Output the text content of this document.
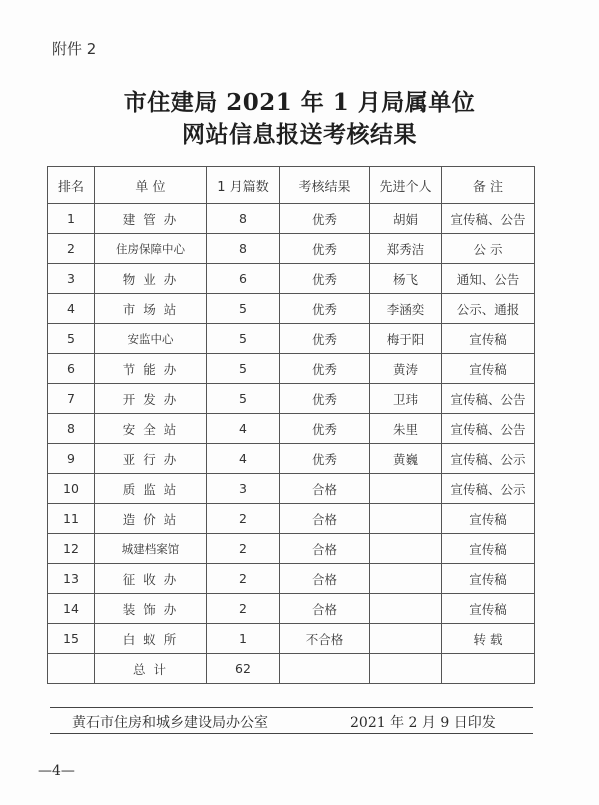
附件 2
市住建局 2021 年 1 月局属单位
网站信息报送考核结果
排名	单 位	1 月篇数	考核结果	先进个人	备 注
1	建 管 办	8	优秀	胡娟	宣传稿、公告
2	住房保障中心	8	优秀	郑秀洁	公 示
3	物 业 办	6	优秀	杨飞	通知、公告
4	市 场 站	5	优秀	李涵奕	公示、通报
5	安监中心	5	优秀	梅于阳	宣传稿
6	节 能 办	5	优秀	黄涛	宣传稿
7	开 发 办	5	优秀	卫玮	宣传稿、公告
8	安 全 站	4	优秀	朱里	宣传稿、公告
9	亚 行 办	4	优秀	黄巍	宣传稿、公示
10	质 监 站	3	合格		宣传稿、公示
11	造 价 站	2	合格		宣传稿
12	城建档案馆	2	合格		宣传稿
13	征 收 办	2	合格		宣传稿
14	装 饰 办	2	合格		宣传稿
15	白 蚁 所	1	不合格		转 载
	总 计	62			
黄石市住房和城乡建设局办公室	2021 年 2 月 9 日印发
—4—
